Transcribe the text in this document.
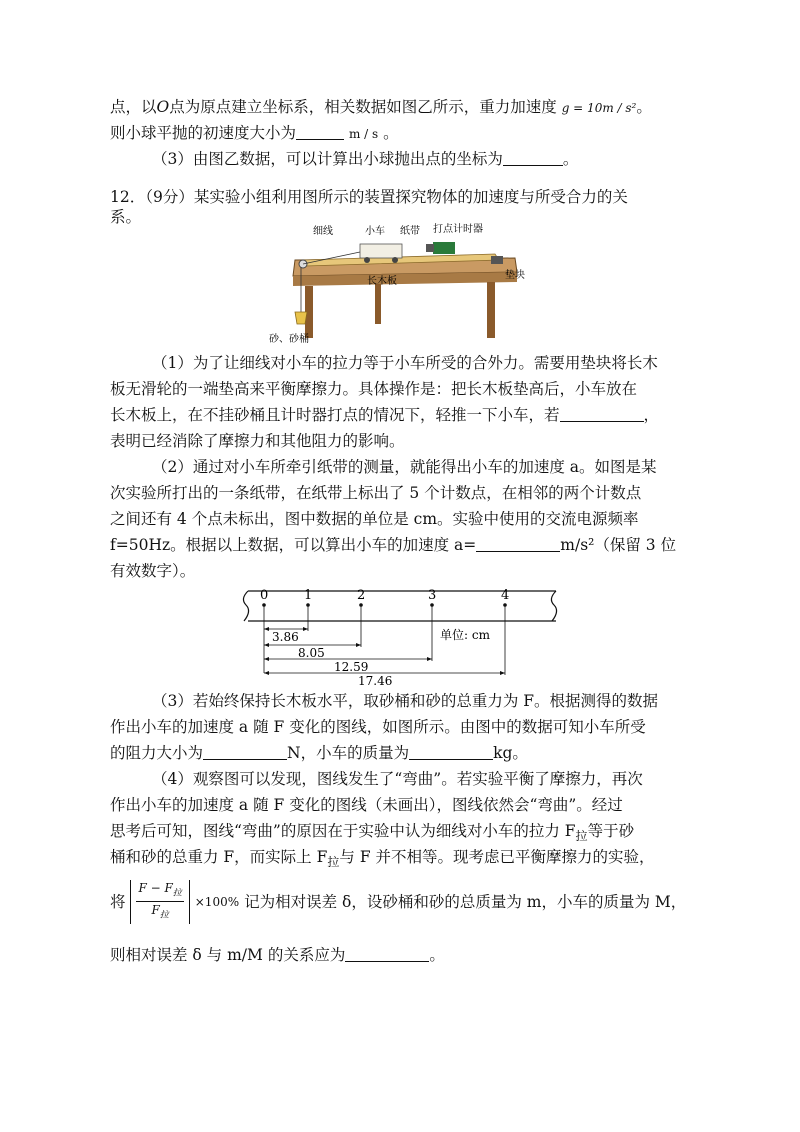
点，以O点为原点建立坐标系，相关数据如图乙所示，重力加速度 g = 10m / s²。
则小球平抛的初速度大小为	m / s 。
（3）由图乙数据，可以计算出小球抛出点的坐标为	。
12．（9分）某实验小组利用图所示的装置探究物体的加速度与所受合力的关
系。
细线	小车 纸带 打点计时器
垫块
长木板
砂、砂桶
（1）为了让细线对小车的拉力等于小车所受的合外力。需要用垫块将长木
板无滑轮的一端垫高来平衡摩擦力。具体操作是：把长木板垫高后，小车放在
长木板上，在不挂砂桶且计时器打点的情况下，轻推一下小车，若	，
表明已经消除了摩擦力和其他阻力的影响。
（2）通过对小车所牵引纸带的测量，就能得出小车的加速度 a。如图是某
次实验所打出的一条纸带，在纸带上标出了 5 个计数点，在相邻的两个计数点
之间还有 4 个点未标出，图中数据的单位是 cm。实验中使用的交流电源频率
f=50Hz。根据以上数据，可以算出小车的加速度 a=	m/s²（保留 3 位
有效数字）。
0	1	2	3	4
3.86
8.05
12.59
17.46
单位: cm
（3）若始终保持长木板水平，取砂桶和砂的总重力为 F。根据测得的数据
作出小车的加速度 a 随 F 变化的图线，如图所示。由图中的数据可知小车所受
的阻力大小为	N，小车的质量为	kg。
（4）观察图可以发现，图线发生了“弯曲”。若实验平衡了摩擦力，再次
作出小车的加速度 a 随 F 变化的图线（未画出），图线依然会“弯曲”。经过
思考后可知，图线“弯曲”的原因在于实验中认为细线对小车的拉力 $F_拉$等于砂
桶和砂的总重力 F，而实际上 $F_拉$与 F 并不相等。现考虑已平衡摩擦力的实验，
将
$F - F_拉$
$F_拉$
×100% 记为相对误差 δ，设砂桶和砂的总质量为 m，小车的质量为 M，
则相对误差 δ 与 m/M 的关系应为	。
